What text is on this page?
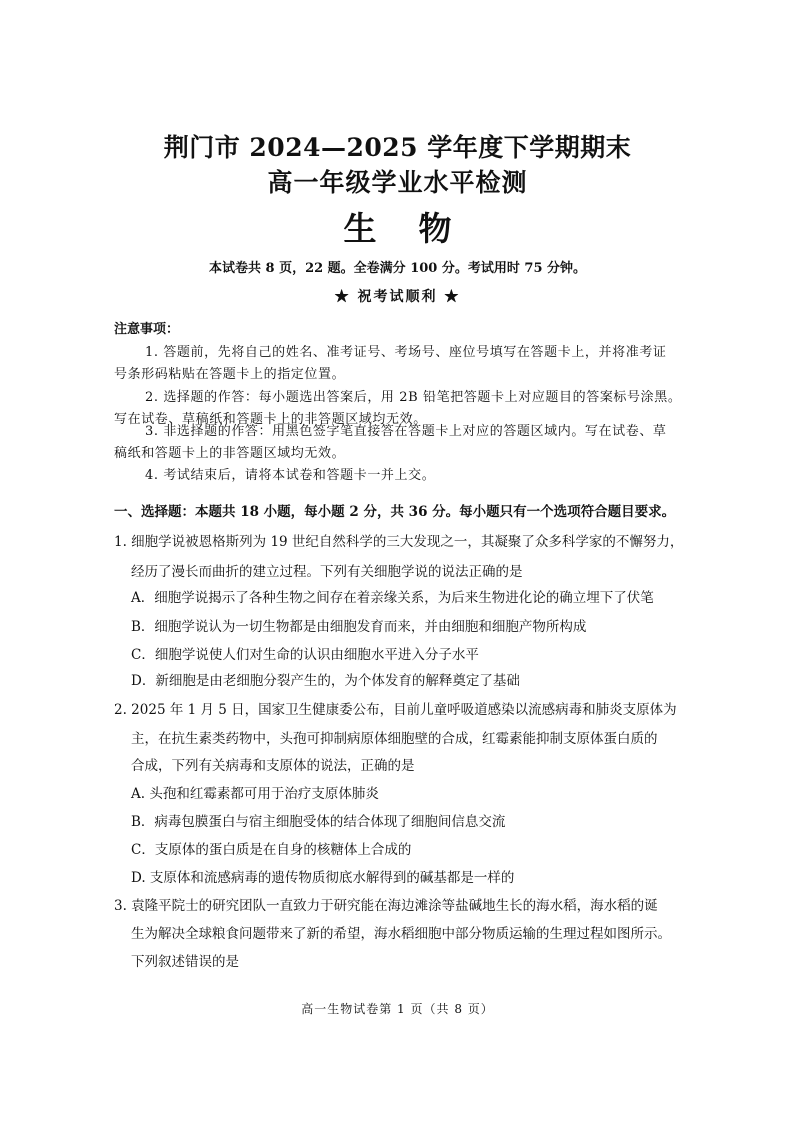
荆门市 2024—2025 学年度下学期期末
高一年级学业水平检测
生物
本试卷共 8 页，22 题。全卷满分 100 分。考试用时 75 分钟。
★ 祝考试顺利 ★
注意事项：
1. 答题前，先将自己的姓名、准考证号、考场号、座位号填写在答题卡上，并将准考证
号条形码粘贴在答题卡上的指定位置。
2. 选择题的作答：每小题选出答案后，用 2B 铅笔把答题卡上对应题目的答案标号涂黑。
写在试卷、草稿纸和答题卡上的非答题区域均无效。
3. 非选择题的作答：用黑色签字笔直接答在答题卡上对应的答题区域内。写在试卷、草
稿纸和答题卡上的非答题区域均无效。
4. 考试结束后，请将本试卷和答题卡一并上交。
一、选择题：本题共 18 小题，每小题 2 分，共 36 分。每小题只有一个选项符合题目要求。
1. 细胞学说被恩格斯列为 19 世纪自然科学的三大发现之一，其凝聚了众多科学家的不懈努力，
经历了漫长而曲折的建立过程。下列有关细胞学说的说法正确的是
A．细胞学说揭示了各种生物之间存在着亲缘关系，为后来生物进化论的确立埋下了伏笔
B．细胞学说认为一切生物都是由细胞发育而来，并由细胞和细胞产物所构成
C．细胞学说使人们对生命的认识由细胞水平进入分子水平
D．新细胞是由老细胞分裂产生的，为个体发育的解释奠定了基础
2. 2025 年 1 月 5 日，国家卫生健康委公布，目前儿童呼吸道感染以流感病毒和肺炎支原体为
主，在抗生素类药物中，头孢可抑制病原体细胞壁的合成，红霉素能抑制支原体蛋白质的
合成，下列有关病毒和支原体的说法，正确的是
A. 头孢和红霉素都可用于治疗支原体肺炎
B．病毒包膜蛋白与宿主细胞受体的结合体现了细胞间信息交流
C．支原体的蛋白质是在自身的核糖体上合成的
D. 支原体和流感病毒的遗传物质彻底水解得到的碱基都是一样的
3. 袁隆平院士的研究团队一直致力于研究能在海边滩涂等盐碱地生长的海水稻，海水稻的诞
生为解决全球粮食问题带来了新的希望，海水稻细胞中部分物质运输的生理过程如图所示。
下列叙述错误的是
高一生物试卷第 1 页（共 8 页）
